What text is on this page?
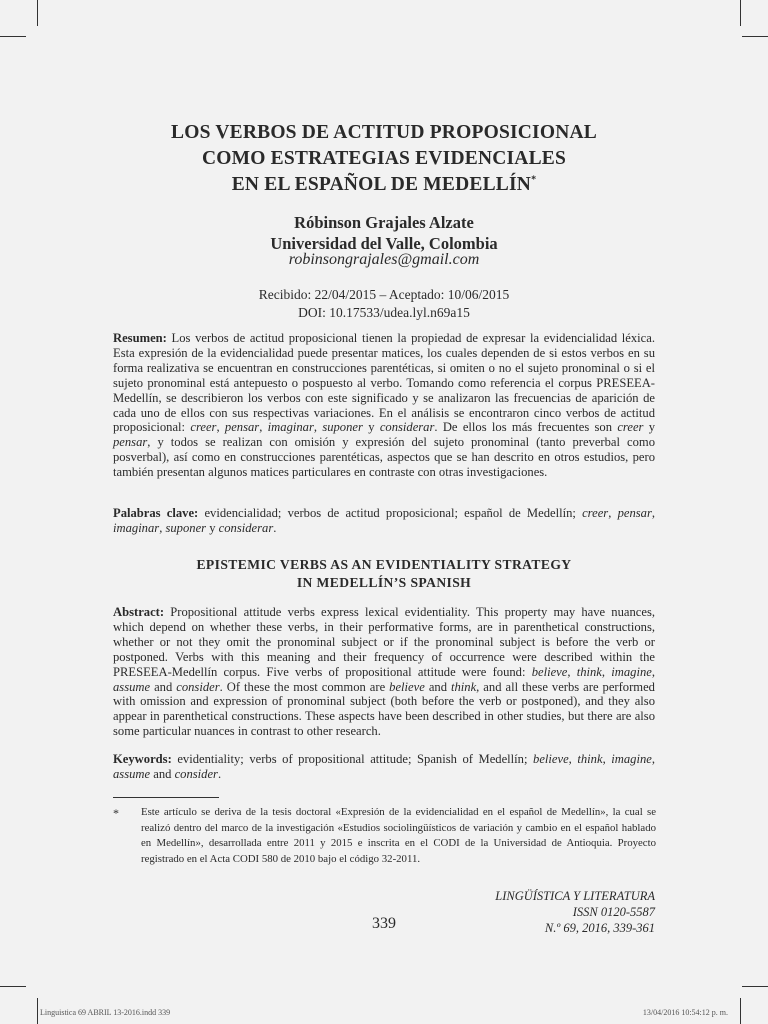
LOS VERBOS DE ACTITUD PROPOSICIONAL
COMO ESTRATEGIAS EVIDENCIALES
EN EL ESPAÑOL DE MEDELLÍN*
Róbinson Grajales Alzate
Universidad del Valle, Colombia
robinsongrajales@gmail.com
Recibido: 22/04/2015 – Aceptado: 10/06/2015
DOI: 10.17533/udea.lyl.n69a15
Resumen: Los verbos de actitud proposicional tienen la propiedad de expresar la evidencialidad léxica. Esta expresión de la evidencialidad puede presentar matices, los cuales dependen de si estos verbos en su forma realizativa se encuentran en construcciones parentéticas, si omiten o no el sujeto pronominal o si el sujeto pronominal está antepuesto o pospuesto al verbo. Tomando como referencia el corpus PRESEEA-Medellín, se describieron los verbos con este significado y se analizaron las frecuencias de aparición de cada uno de ellos con sus respectivas variaciones. En el análisis se encontraron cinco verbos de actitud proposicional: creer, pensar, imaginar, suponer y considerar. De ellos los más frecuentes son creer y pensar, y todos se realizan con omisión y expresión del sujeto pronominal (tanto preverbal como posverbal), así como en construcciones parentéticas, aspectos que se han descrito en otros estudios, pero también presentan algunos matices particulares en contraste con otras investigaciones.
Palabras clave: evidencialidad; verbos de actitud proposicional; español de Medellín; creer, pensar, imaginar, suponer y considerar.
EPISTEMIC VERBS AS AN EVIDENTIALITY STRATEGY
IN MEDELLÍN’S SPANISH
Abstract: Propositional attitude verbs express lexical evidentiality. This property may have nuances, which depend on whether these verbs, in their performative forms, are in parenthetical constructions, whether or not they omit the pronominal subject or if the pronominal subject is before the verb or postponed. Verbs with this meaning and their frequency of occurrence were described within the PRESEEA-Medellín corpus. Five verbs of propositional attitude were found: believe, think, imagine, assume and consider. Of these the most common are believe and think, and all these verbs are performed with omission and expression of pronominal subject (both before the verb or postponed), and they also appear in parenthetical constructions. These aspects have been described in other studies, but there are also some particular nuances in contrast to other research.
Keywords: evidentiality; verbs of propositional attitude; Spanish of Medellín; believe, think, imagine, assume and consider.
* Este artículo se deriva de la tesis doctoral «Expresión de la evidencialidad en el español de Medellín», la cual se realizó dentro del marco de la investigación «Estudios sociolingüísticos de variación y cambio en el español hablado en Medellín», desarrollada entre 2011 y 2015 e inscrita en el CODI de la Universidad de Antioquia. Proyecto registrado en el Acta CODI 580 de 2010 bajo el código 32-2011.
LINGÜÍSTICA Y LITERATURA
ISSN 0120-5587
N.º 69, 2016, 339-361
339
Linguistica 69 ABRIL 13-2016.indd 339	13/04/2016 10:54:12 p. m.
